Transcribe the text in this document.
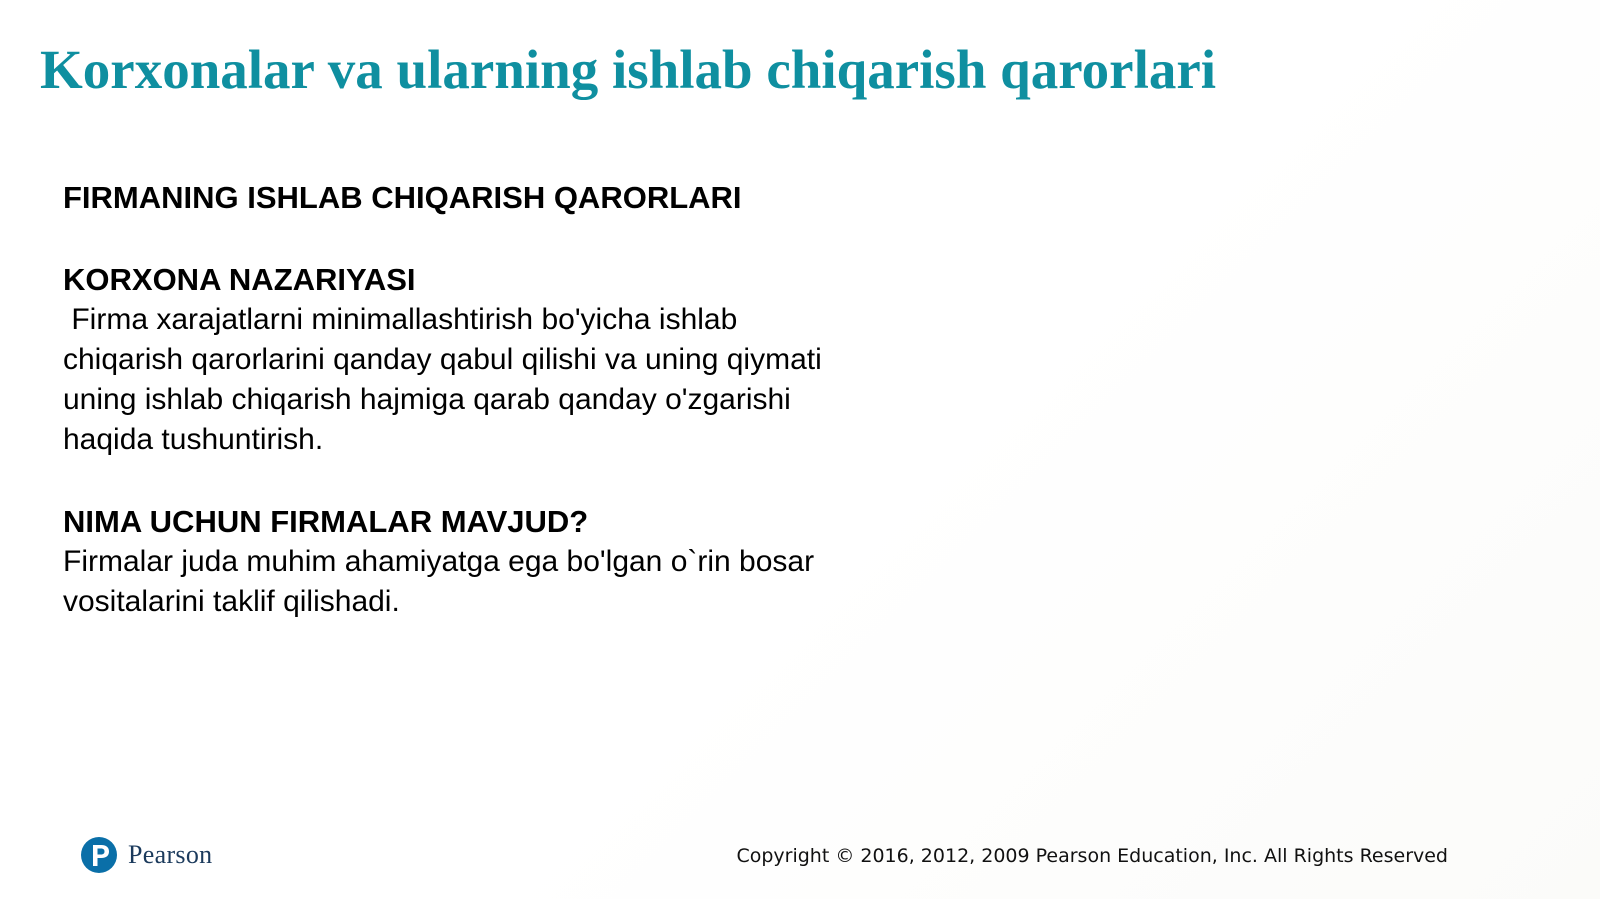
Korxonalar va ularning ishlab chiqarish qarorlari

FIRMANING ISHLAB CHIQARISH QARORLARI

KORXONA NAZARIYASI

Firma xarajatlarni minimallashtirish bo'yicha ishlab chiqarish qarorlarini qanday qabul qilishi va uning qiymati uning ishlab chiqarish hajmiga qarab qanday o'zgarishi haqida tushuntirish.

NIMA UCHUN FIRMALAR MAVJUD?

Firmalar juda muhim ahamiyatga ega bo'lgan o`rin bosar vositalarini taklif qilishadi.

Pearson	Copyright © 2016, 2012, 2009 Pearson Education, Inc. All Rights Reserved
